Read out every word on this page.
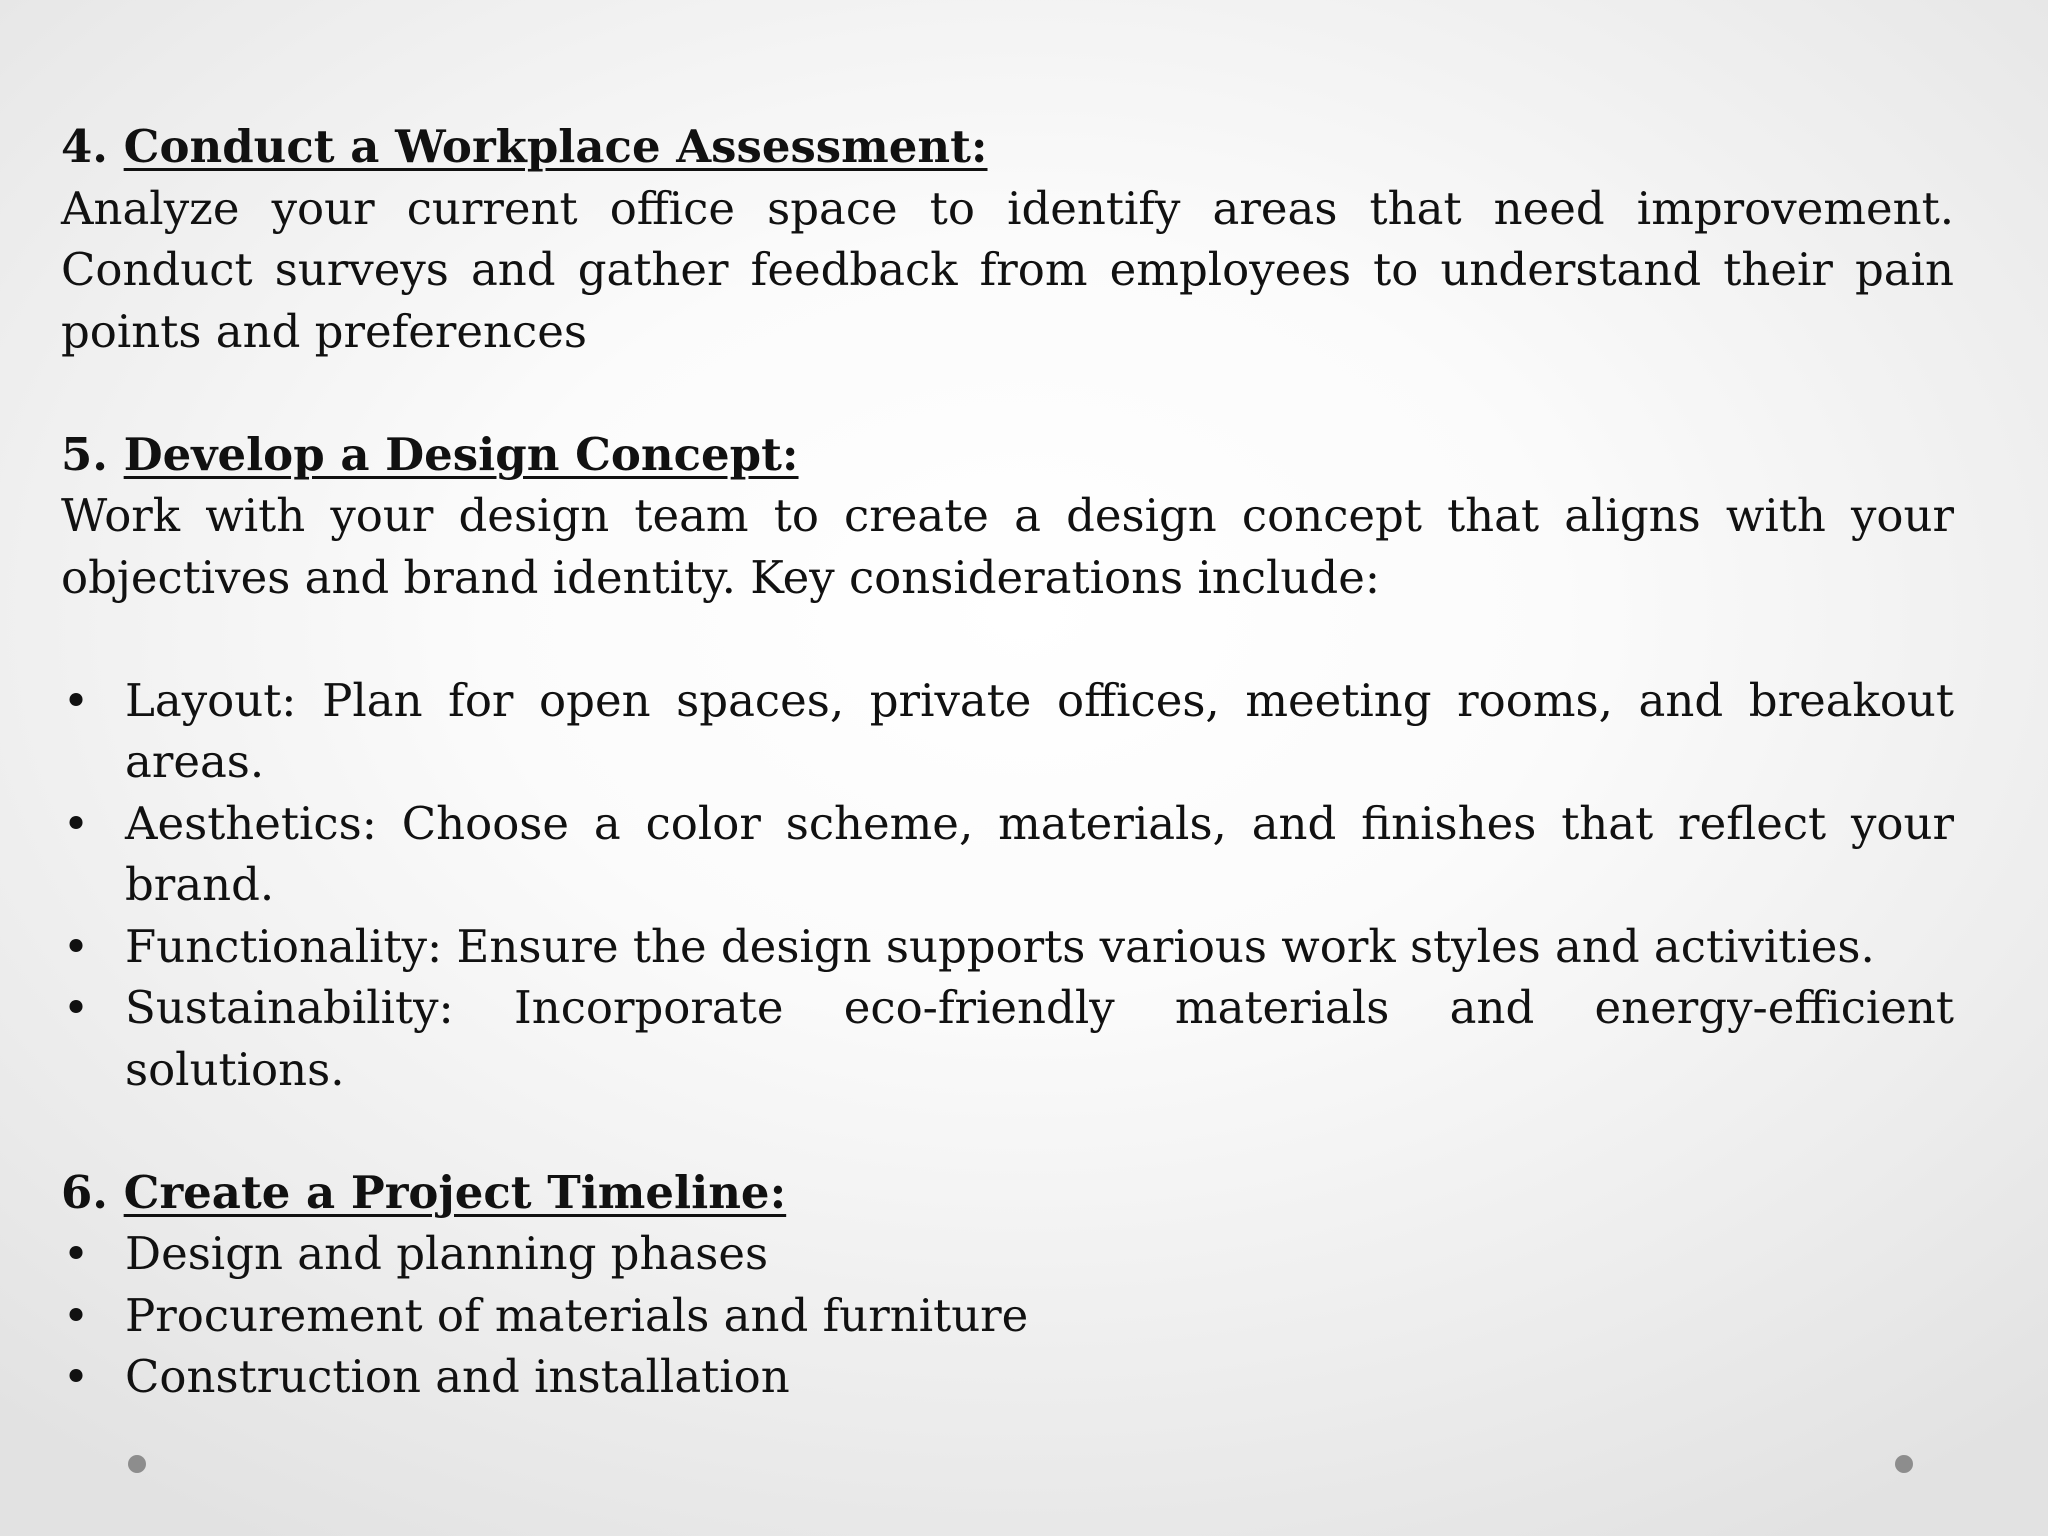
4. Conduct a Workplace Assessment:

Analyze your current office space to identify areas that need improvement. Conduct surveys and gather feedback from employees to understand their pain points and preferences

5. Develop a Design Concept:

Work with your design team to create a design concept that aligns with your objectives and brand identity. Key considerations include:

• Layout: Plan for open spaces, private offices, meeting rooms, and breakout areas.
• Aesthetics: Choose a color scheme, materials, and finishes that reflect your brand.
• Functionality: Ensure the design supports various work styles and activities.
• Sustainability: Incorporate eco-friendly materials and energy-efficient solutions.

6. Create a Project Timeline:

• Design and planning phases
• Procurement of materials and furniture
• Construction and installation
